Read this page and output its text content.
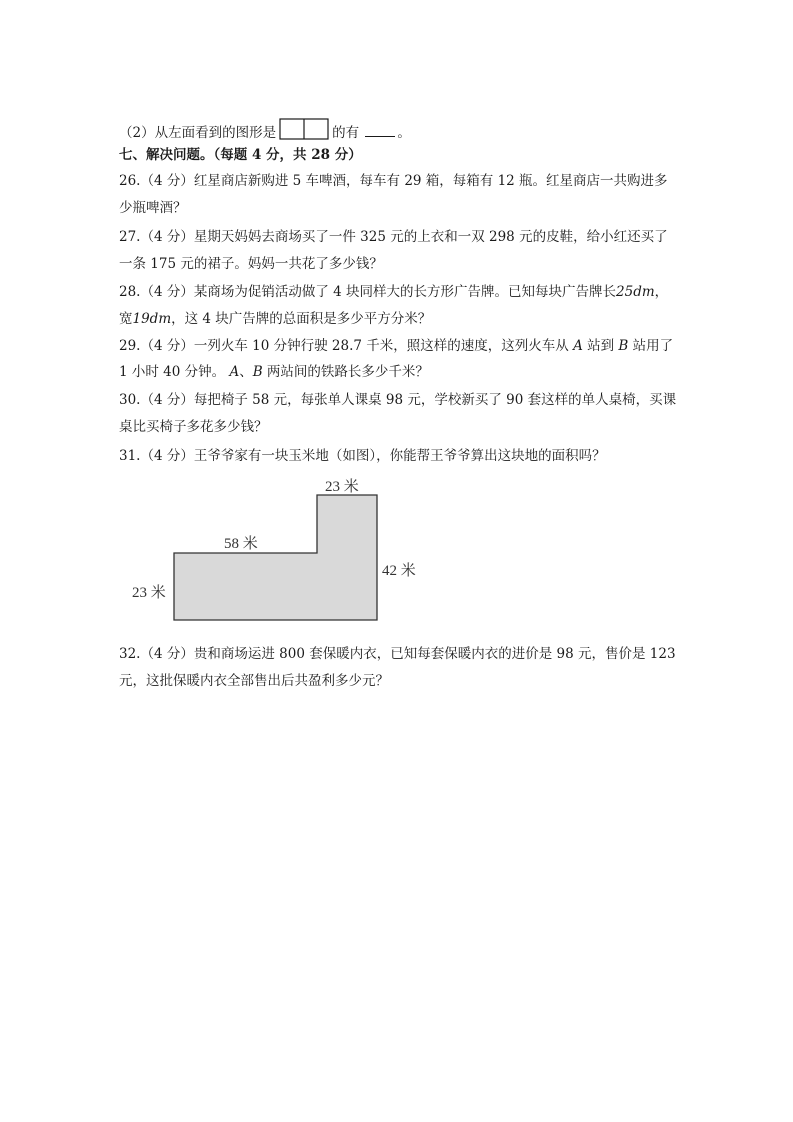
（2）从左面看到的图形是	的有	。
七、解决问题。（每题 4 分，共 28 分）
26.（4 分）红星商店新购进 5 车啤酒，每车有 29 箱，每箱有 12 瓶。红星商店一共购进多
少瓶啤酒？
27.（4 分）星期天妈妈去商场买了一件 325 元的上衣和一双 298 元的皮鞋，给小红还买了
一条 175 元的裙子。妈妈一共花了多少钱？
28.（4 分）某商场为促销活动做了 4 块同样大的长方形广告牌。已知每块广告牌长25dm，
宽19dm，这 4 块广告牌的总面积是多少平方分米？
29.（4 分）一列火车 10 分钟行驶 28.7 千米，照这样的速度，这列火车从 A 站到 B 站用了
1 小时 40 分钟。 A、B 两站间的铁路长多少千米？
30.（4 分）每把椅子 58 元，每张单人课桌 98 元，学校新买了 90 套这样的单人桌椅，买课
桌比买椅子多花多少钱？
31.（4 分）王爷爷家有一块玉米地（如图），你能帮王爷爷算出这块地的面积吗？
23 米
58 米
42 米
23 米
32.（4 分）贵和商场运进 800 套保暖内衣，已知每套保暖内衣的进价是 98 元，售价是 123
元，这批保暖内衣全部售出后共盈利多少元？
